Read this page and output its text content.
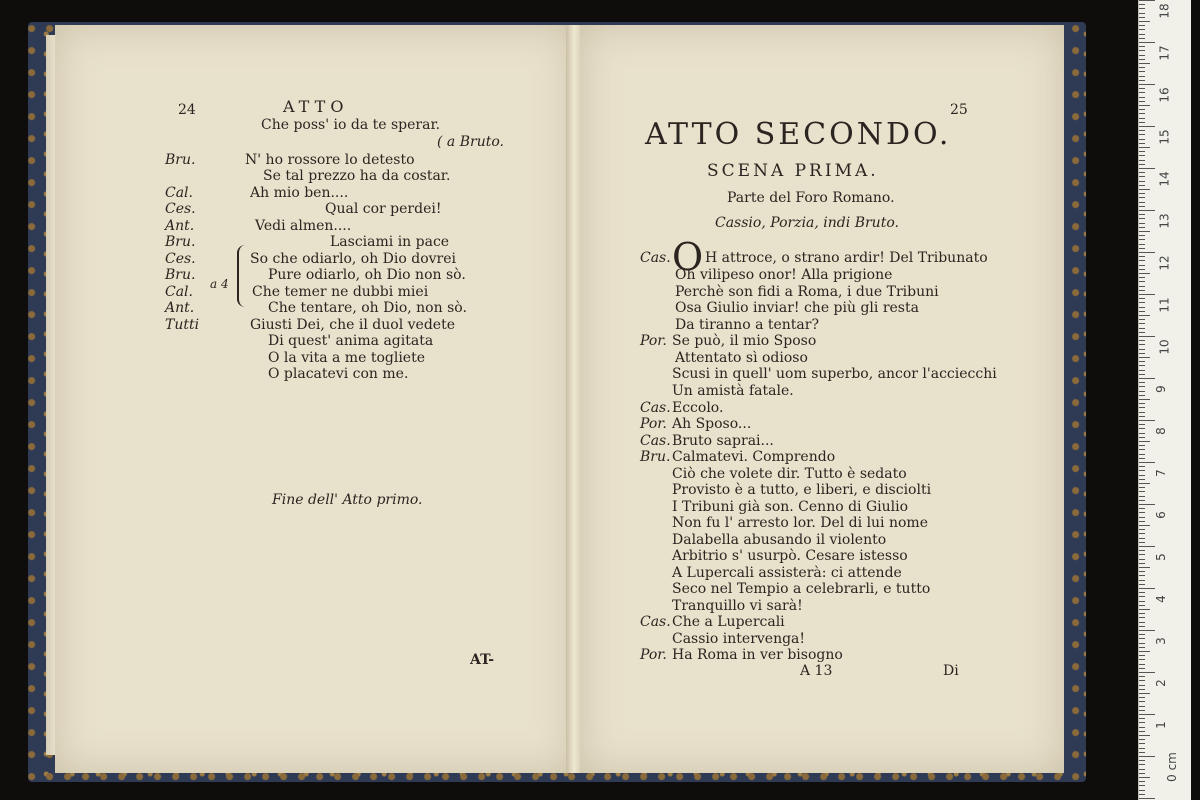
24	ATTO
Che poss' io da te sperar.
( a Bruto.
Bru.	N' ho rossore lo detesto
Se tal prezzo ha da costar.
Cal.	Ah mio ben....
Ces.	Qual cor perdei!
Ant.	Vedi almen....
Bru.	Lasciami in pace
Ces.	So che odiarlo, oh Dio dovrei
Bru.	Pure odiarlo, oh Dio non sò.
Cal.	Che temer ne dubbi miei
Ant.	Che tentare, oh Dio, non sò.
a 4
Tutti	Giusti Dei, che il duol vedete
Di quest' anima agitata
O la vita a me togliete
O placatevi con me.
Fine dell' Atto primo.
AT-
25
ATTO SECONDO.
SCENA PRIMA.
Parte del Foro Romano.
Cassio, Porzia, indi Bruto.
O
Cas. H attroce, o strano ardir! Del Tribunato
Oh vilipeso onor! Alla prigione
Perchè son fidi a Roma, i due Tribuni
Osa Giulio inviar! che più gli resta
Da tiranno a tentar?
Por. Se può, il mio Sposo
Attentato sì odioso
Scusi in quell' uom superbo, ancor l'acciecchi
Un amistà fatale.
Cas. Eccolo.
Por. Ah Sposo...
Cas. Bruto saprai...
Bru. Calmatevi. Comprendo
Ciò che volete dir. Tutto è sedato
Provisto è a tutto, e liberi, e disciolti
I Tribuni già son. Cenno di Giulio
Non fu l' arresto lor. Del di lui nome
Dalabella abusando il violento
Arbitrio s' usurpò. Cesare istesso
A Lupercali assisterà: ci attende
Seco nel Tempio a celebrarli, e tutto
Tranquillo vi sarà!
Cas. Che a Lupercali
Cassio intervenga!
Por. Ha Roma in ver bisogno
A 13	Di
18
17
16
15
14
13
12
11
10
9
8
7
6
5
4
3
2
1
0 cm
